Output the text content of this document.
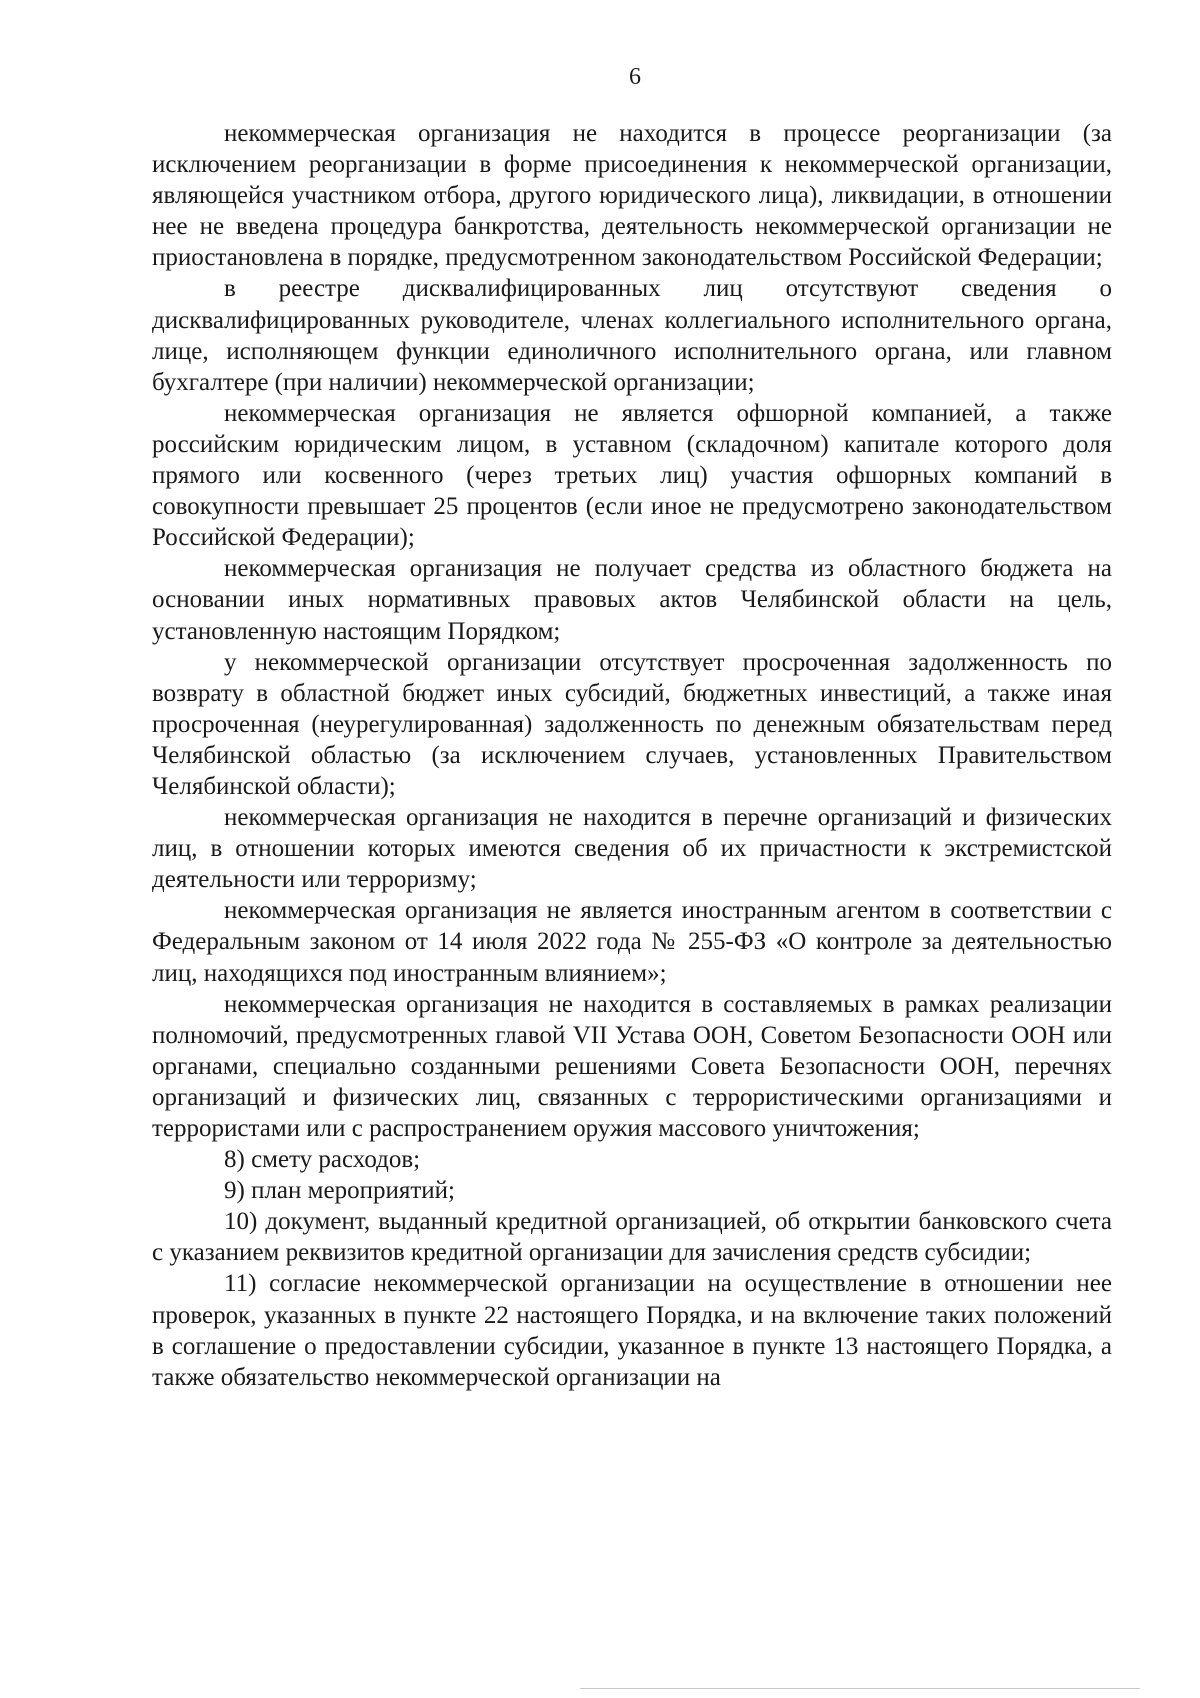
6

некоммерческая организация не находится в процессе реорганизации (за исключением реорганизации в форме присоединения к некоммерческой организации, являющейся участником отбора, другого юридического лица), ликвидации, в отношении нее не введена процедура банкротства, деятельность некоммерческой организации не приостановлена в порядке, предусмотренном законодательством Российской Федерации;

в реестре дисквалифицированных лиц отсутствуют сведения о дисквалифицированных руководителе, членах коллегиального исполнительного органа, лице, исполняющем функции единоличного исполнительного органа, или главном бухгалтере (при наличии) некоммерческой организации;

некоммерческая организация не является офшорной компанией, а также российским юридическим лицом, в уставном (складочном) капитале которого доля прямого или косвенного (через третьих лиц) участия офшорных компаний в совокупности превышает 25 процентов (если иное не предусмотрено законодательством Российской Федерации);

некоммерческая организация не получает средства из областного бюджета на основании иных нормативных правовых актов Челябинской области на цель, установленную настоящим Порядком;

у некоммерческой организации отсутствует просроченная задолженность по возврату в областной бюджет иных субсидий, бюджетных инвестиций, а также иная просроченная (неурегулированная) задолженность по денежным обязательствам перед Челябинской областью (за исключением случаев, установленных Правительством Челябинской области);

некоммерческая организация не находится в перечне организаций и физических лиц, в отношении которых имеются сведения об их причастности к экстремистской деятельности или терроризму;

некоммерческая организация не является иностранным агентом в соответствии с Федеральным законом от 14 июля 2022 года № 255-ФЗ «О контроле за деятельностью лиц, находящихся под иностранным влиянием»;

некоммерческая организация не находится в составляемых в рамках реализации полномочий, предусмотренных главой VII Устава ООН, Советом Безопасности ООН или органами, специально созданными решениями Совета Безопасности ООН, перечнях организаций и физических лиц, связанных с террористическими организациями и террористами или с распространением оружия массового уничтожения;

8) смету расходов;

9) план мероприятий;

10) документ, выданный кредитной организацией, об открытии банковского счета с указанием реквизитов кредитной организации для зачисления средств субсидии;

11) согласие некоммерческой организации на осуществление в отношении нее проверок, указанных в пункте 22 настоящего Порядка, и на включение таких положений в соглашение о предоставлении субсидии, указанное в пункте 13 настоящего Порядка, а также обязательство некоммерческой организации на
